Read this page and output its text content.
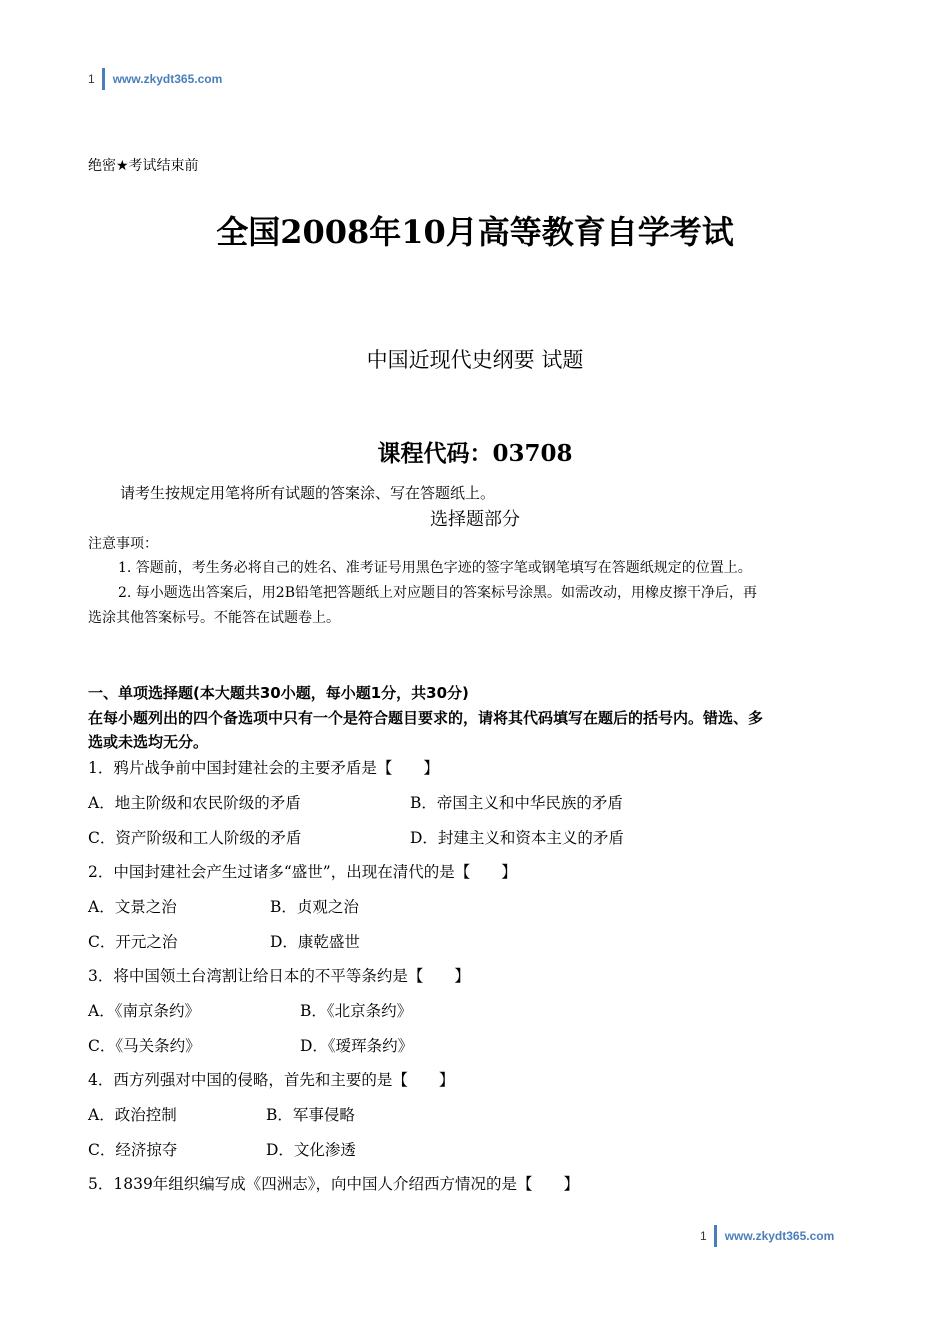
1 www.zkydt365.com
绝密★考试结束前
全国2008年10月高等教育自学考试
中国近现代史纲要 试题
课程代码：03708
请考生按规定用笔将所有试题的答案涂、写在答题纸上。
选择题部分
注意事项：
1. 答题前，考生务必将自己的姓名、准考证号用黑色字迹的签字笔或钢笔填写在答题纸规定的位置上。
2. 每小题选出答案后，用2B铅笔把答题纸上对应题目的答案标号涂黑。如需改动，用橡皮擦干净后，再
选涂其他答案标号。不能答在试题卷上。
一、单项选择题(本大题共30小题，每小题1分，共30分)
在每小题列出的四个备选项中只有一个是符合题目要求的，请将其代码填写在题后的括号内。错选、多
选或未选均无分。
1．鸦片战争前中国封建社会的主要矛盾是【　　】
A．地主阶级和农民阶级的矛盾	B．帝国主义和中华民族的矛盾
C．资产阶级和工人阶级的矛盾	D．封建主义和资本主义的矛盾
2．中国封建社会产生过诸多“盛世”，出现在清代的是【　　】
A．文景之治	B．贞观之治
C．开元之治	D．康乾盛世
3．将中国领土台湾割让给日本的不平等条约是【　　】
A．《南京条约》	B．《北京条约》
C．《马关条约》	D．《瑷珲条约》
4．西方列强对中国的侵略，首先和主要的是【　　】
A．政治控制	B．军事侵略
C．经济掠夺	D．文化渗透
5．1839年组织编写成《四洲志》，向中国人介绍西方情况的是【　　】
1 www.zkydt365.com
